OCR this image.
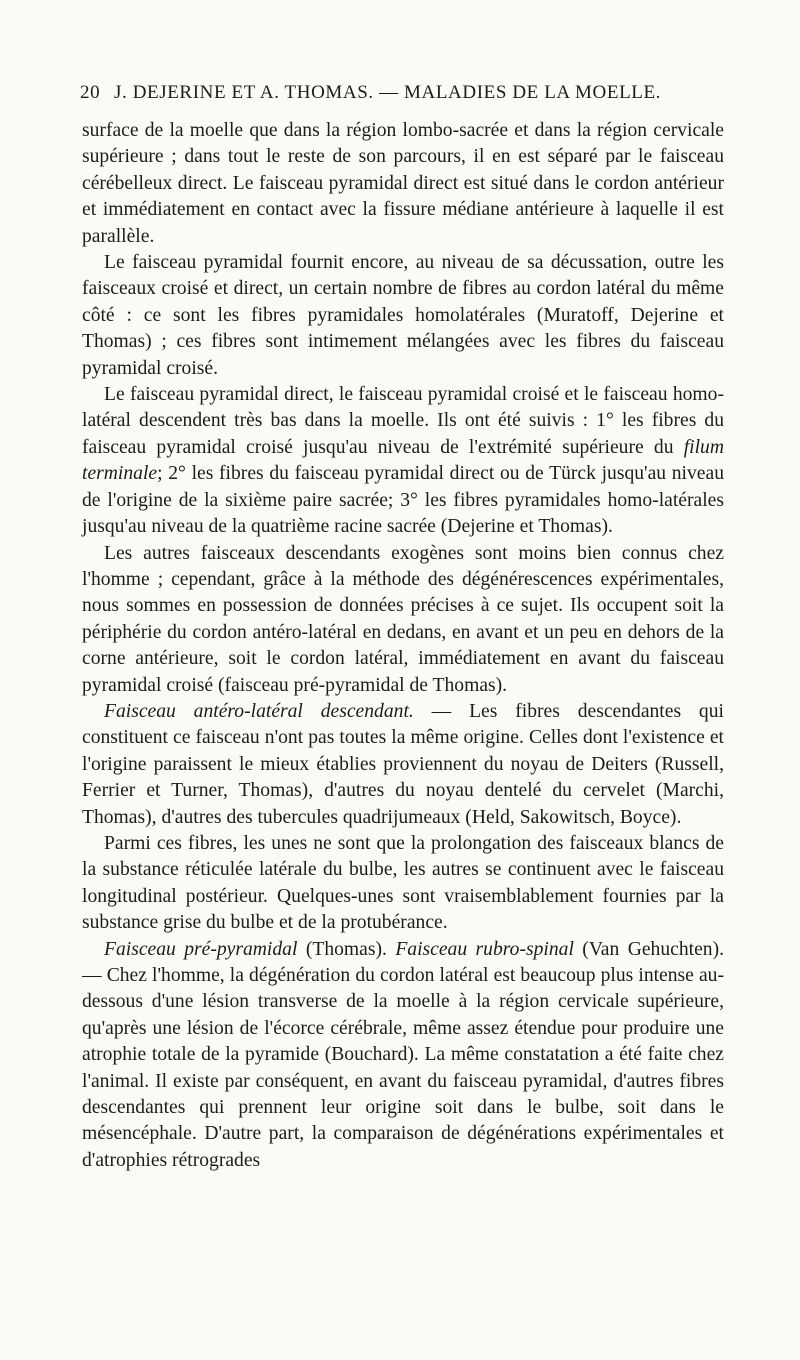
20 J. DEJERINE ET A. THOMAS. — MALADIES DE LA MOELLE.

surface de la moelle que dans la région lombo-sacrée et dans la région cervicale supérieure ; dans tout le reste de son parcours, il en est séparé par le faisceau cérébelleux direct. Le faisceau pyramidal direct est situé dans le cordon antérieur et immédiatement en contact avec la fissure médiane antérieure à laquelle il est parallèle.

Le faisceau pyramidal fournit encore, au niveau de sa décussation, outre les faisceaux croisé et direct, un certain nombre de fibres au cordon latéral du même côté : ce sont les fibres pyramidales homolatérales (Muratoff, Dejerine et Thomas) ; ces fibres sont intimement mélangées avec les fibres du faisceau pyramidal croisé.

Le faisceau pyramidal direct, le faisceau pyramidal croisé et le faisceau homo-latéral descendent très bas dans la moelle. Ils ont été suivis : 1° les fibres du faisceau pyramidal croisé jusqu'au niveau de l'extrémité supérieure du filum terminale; 2° les fibres du faisceau pyramidal direct ou de Türck jusqu'au niveau de l'origine de la sixième paire sacrée; 3° les fibres pyramidales homo-latérales jusqu'au niveau de la quatrième racine sacrée (Dejerine et Thomas).

Les autres faisceaux descendants exogènes sont moins bien connus chez l'homme ; cependant, grâce à la méthode des dégénérescences expérimentales, nous sommes en possession de données précises à ce sujet. Ils occupent soit la périphérie du cordon antéro-latéral en dedans, en avant et un peu en dehors de la corne antérieure, soit le cordon latéral, immédiatement en avant du faisceau pyramidal croisé (faisceau pré-pyramidal de Thomas).

Faisceau antéro-latéral descendant. — Les fibres descendantes qui constituent ce faisceau n'ont pas toutes la même origine. Celles dont l'existence et l'origine paraissent le mieux établies proviennent du noyau de Deiters (Russell, Ferrier et Turner, Thomas), d'autres du noyau dentelé du cervelet (Marchi, Thomas), d'autres des tubercules quadrijumeaux (Held, Sakowitsch, Boyce).

Parmi ces fibres, les unes ne sont que la prolongation des faisceaux blancs de la substance réticulée latérale du bulbe, les autres se continuent avec le faisceau longitudinal postérieur. Quelques-unes sont vraisemblablement fournies par la substance grise du bulbe et de la protubérance.

Faisceau pré-pyramidal (Thomas). Faisceau rubro-spinal (Van Gehuchten). — Chez l'homme, la dégénération du cordon latéral est beaucoup plus intense au-dessous d'une lésion transverse de la moelle à la région cervicale supérieure, qu'après une lésion de l'écorce cérébrale, même assez étendue pour produire une atrophie totale de la pyramide (Bouchard). La même constatation a été faite chez l'animal. Il existe par conséquent, en avant du faisceau pyramidal, d'autres fibres descendantes qui prennent leur origine soit dans le bulbe, soit dans le mésencéphale. D'autre part, la comparaison de dégénérations expérimentales et d'atrophies rétrogrades
